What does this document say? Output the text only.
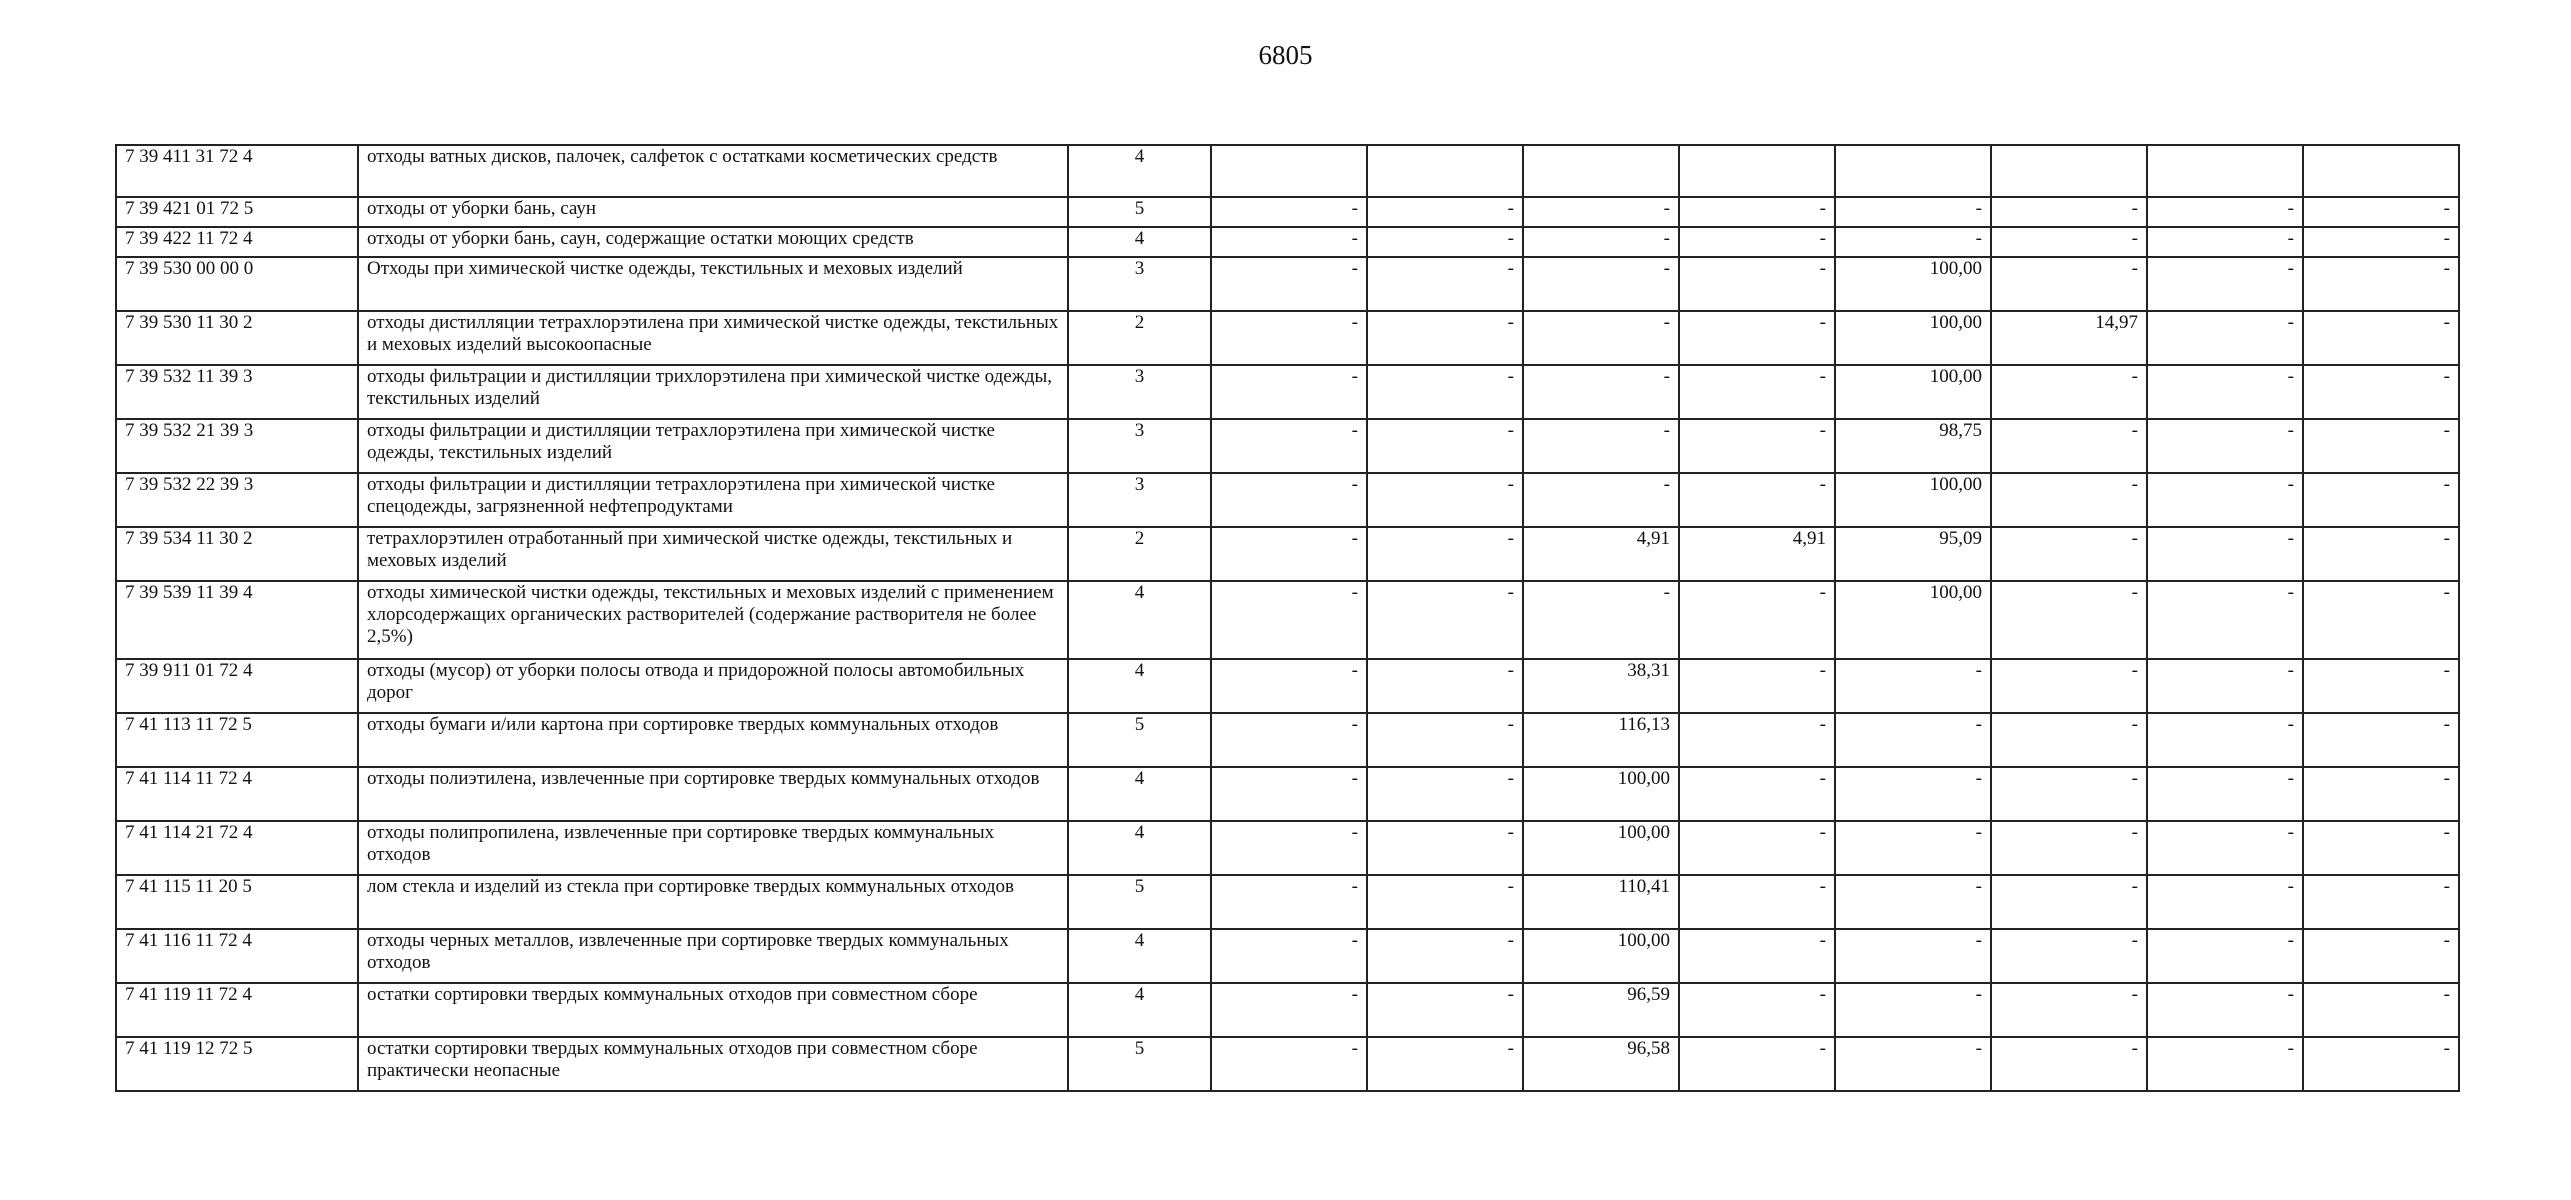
6805
7 39 411 31 72 4	отходы ватных дисков, палочек, салфеток с остатками косметических средств	4								
7 39 421 01 72 5	отходы от уборки бань, саун	5	-	-	-	-	-	-	-	-
7 39 422 11 72 4	отходы от уборки бань, саун, содержащие остатки моющих средств	4	-	-	-	-	-	-	-	-
7 39 530 00 00 0	Отходы при химической чистке одежды, текстильных и меховых изделий	3	-	-	-	-	100,00	-	-	-
7 39 530 11 30 2	отходы дистилляции тетрахлорэтилена при химической чистке одежды, текстильных и меховых изделий высокоопасные	2	-	-	-	-	100,00	14,97	-	-
7 39 532 11 39 3	отходы фильтрации и дистилляции трихлорэтилена при химической чистке одежды, текстильных изделий	3	-	-	-	-	100,00	-	-	-
7 39 532 21 39 3	отходы фильтрации и дистилляции тетрахлорэтилена при химической чистке одежды, текстильных изделий	3	-	-	-	-	98,75	-	-	-
7 39 532 22 39 3	отходы фильтрации и дистилляции тетрахлорэтилена при химической чистке спецодежды, загрязненной нефтепродуктами	3	-	-	-	-	100,00	-	-	-
7 39 534 11 30 2	тетрахлорэтилен отработанный при химической чистке одежды, текстильных и меховых изделий	2	-	-	4,91	4,91	95,09	-	-	-
7 39 539 11 39 4	отходы химической чистки одежды, текстильных и меховых изделий с применением хлорсодержащих органических растворителей (содержание растворителя не более 2,5%)	4	-	-	-	-	100,00	-	-	-
7 39 911 01 72 4	отходы (мусор) от уборки полосы отвода и придорожной полосы автомобильных дорог	4	-	-	38,31	-	-	-	-	-
7 41 113 11 72 5	отходы бумаги и/или картона при сортировке твердых коммунальных отходов	5	-	-	116,13	-	-	-	-	-
7 41 114 11 72 4	отходы полиэтилена, извлеченные при сортировке твердых коммунальных отходов	4	-	-	100,00	-	-	-	-	-
7 41 114 21 72 4	отходы полипропилена, извлеченные при сортировке твердых коммунальных отходов	4	-	-	100,00	-	-	-	-	-
7 41 115 11 20 5	лом стекла и изделий из стекла при сортировке твердых коммунальных отходов	5	-	-	110,41	-	-	-	-	-
7 41 116 11 72 4	отходы черных металлов, извлеченные при сортировке твердых коммунальных отходов	4	-	-	100,00	-	-	-	-	-
7 41 119 11 72 4	остатки сортировки твердых коммунальных отходов при совместном сборе	4	-	-	96,59	-	-	-	-	-
7 41 119 12 72 5	остатки сортировки твердых коммунальных отходов при совместном сборе практически неопасные	5	-	-	96,58	-	-	-	-	-
